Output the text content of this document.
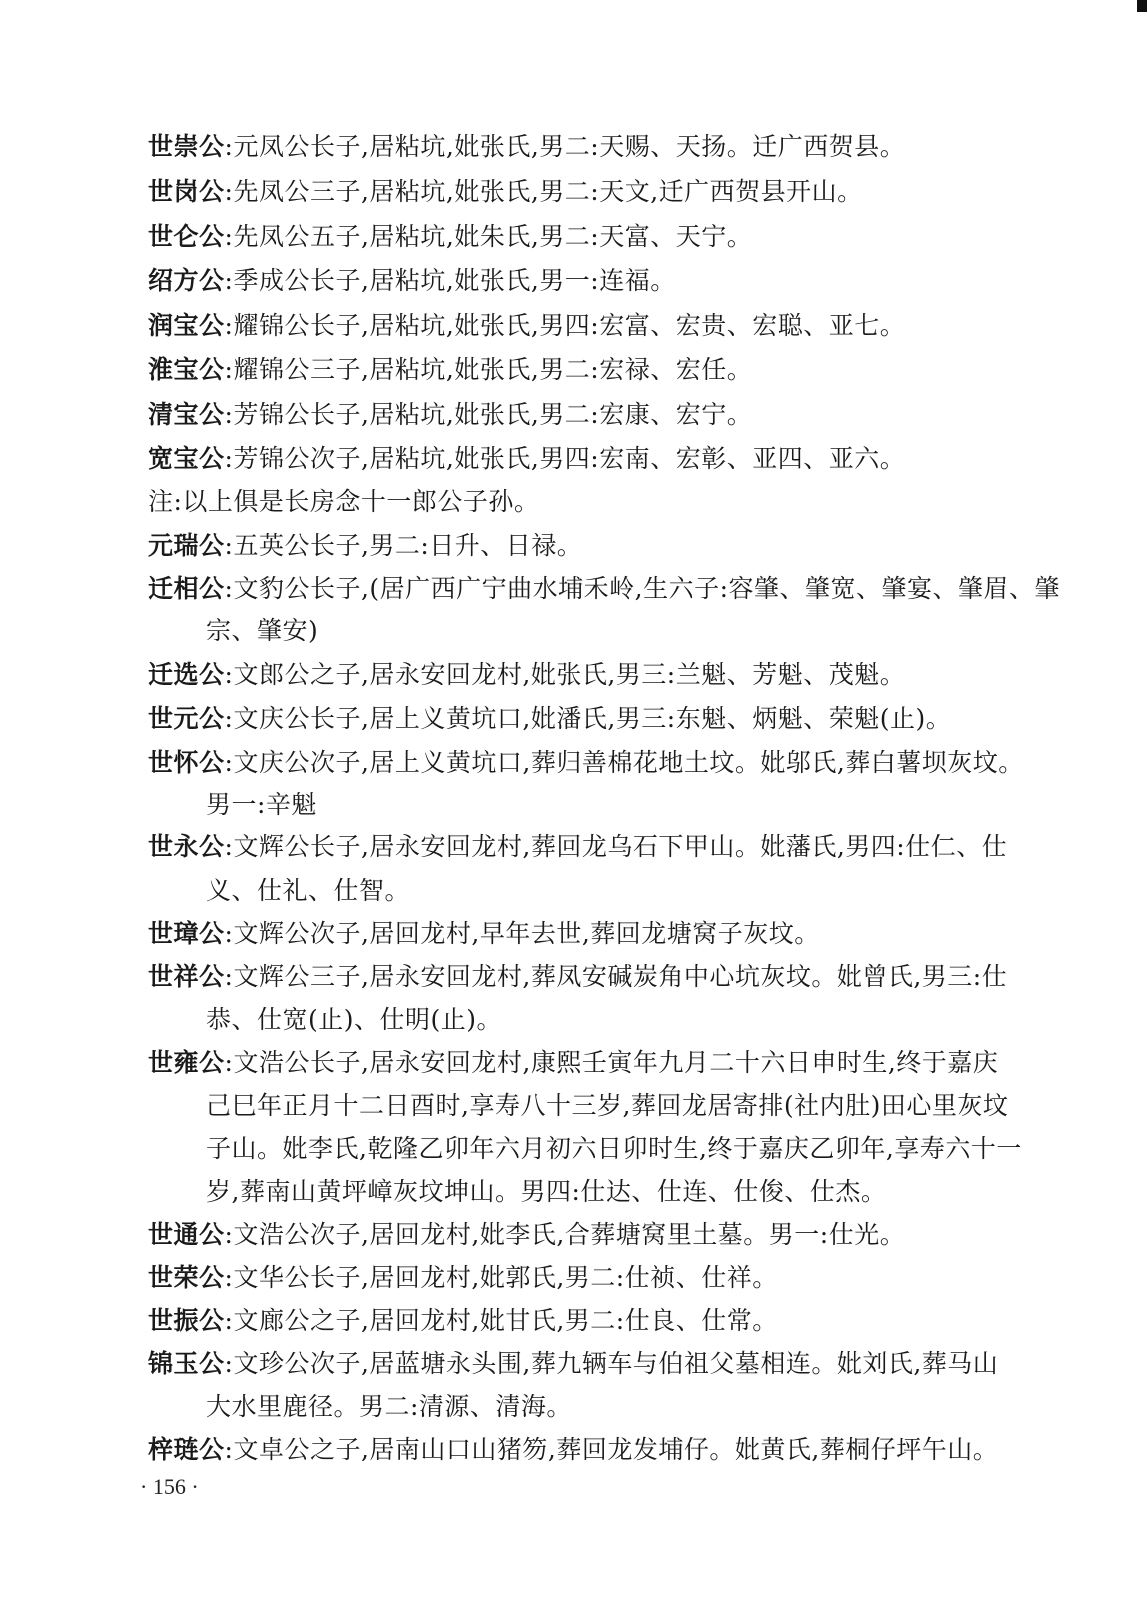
世崇公:元凤公长子,居粘坑,妣张氏,男二:天赐、天扬。迁广西贺县。
世岗公:先凤公三子,居粘坑,妣张氏,男二:天文,迁广西贺县开山。
世仑公:先凤公五子,居粘坑,妣朱氏,男二:天富、天宁。
绍方公:季成公长子,居粘坑,妣张氏,男一:连福。
润宝公:耀锦公长子,居粘坑,妣张氏,男四:宏富、宏贵、宏聪、亚七。
淮宝公:耀锦公三子,居粘坑,妣张氏,男二:宏禄、宏任。
清宝公:芳锦公长子,居粘坑,妣张氏,男二:宏康、宏宁。
宽宝公:芳锦公次子,居粘坑,妣张氏,男四:宏南、宏彰、亚四、亚六。
注:以上俱是长房念十一郎公子孙。
元瑞公:五英公长子,男二:日升、日禄。
迁相公:文豹公长子,(居广西广宁曲水埔禾岭,生六子:容肇、肇宽、肇宴、肇眉、肇
宗、肇安)
迁选公:文郎公之子,居永安回龙村,妣张氏,男三:兰魁、芳魁、茂魁。
世元公:文庆公长子,居上义黄坑口,妣潘氏,男三:东魁、炳魁、荣魁(止)。
世怀公:文庆公次子,居上义黄坑口,葬归善棉花地土坟。妣邬氏,葬白薯坝灰坟。
男一:辛魁
世永公:文辉公长子,居永安回龙村,葬回龙乌石下甲山。妣藩氏,男四:仕仁、仕
义、仕礼、仕智。
世璋公:文辉公次子,居回龙村,早年去世,葬回龙塘窝子灰坟。
世祥公:文辉公三子,居永安回龙村,葬凤安碱炭角中心坑灰坟。妣曾氏,男三:仕
恭、仕宽(止)、仕明(止)。
世雍公:文浩公长子,居永安回龙村,康熙壬寅年九月二十六日申时生,终于嘉庆
己巳年正月十二日酉时,享寿八十三岁,葬回龙居寄排(社内肚)田心里灰坟
子山。妣李氏,乾隆乙卯年六月初六日卯时生,终于嘉庆乙卯年,享寿六十一
岁,葬南山黄坪嶂灰坟坤山。男四:仕达、仕连、仕俊、仕杰。
世通公:文浩公次子,居回龙村,妣李氏,合葬塘窝里土墓。男一:仕光。
世荣公:文华公长子,居回龙村,妣郭氏,男二:仕祯、仕祥。
世振公:文廊公之子,居回龙村,妣甘氏,男二:仕良、仕常。
锦玉公:文珍公次子,居蓝塘永头围,葬九辆车与伯祖父墓相连。妣刘氏,葬马山
大水里鹿径。男二:清源、清海。
梓琏公:文卓公之子,居南山口山猪笏,葬回龙发埔仔。妣黄氏,葬桐仔坪午山。
· 156 ·
